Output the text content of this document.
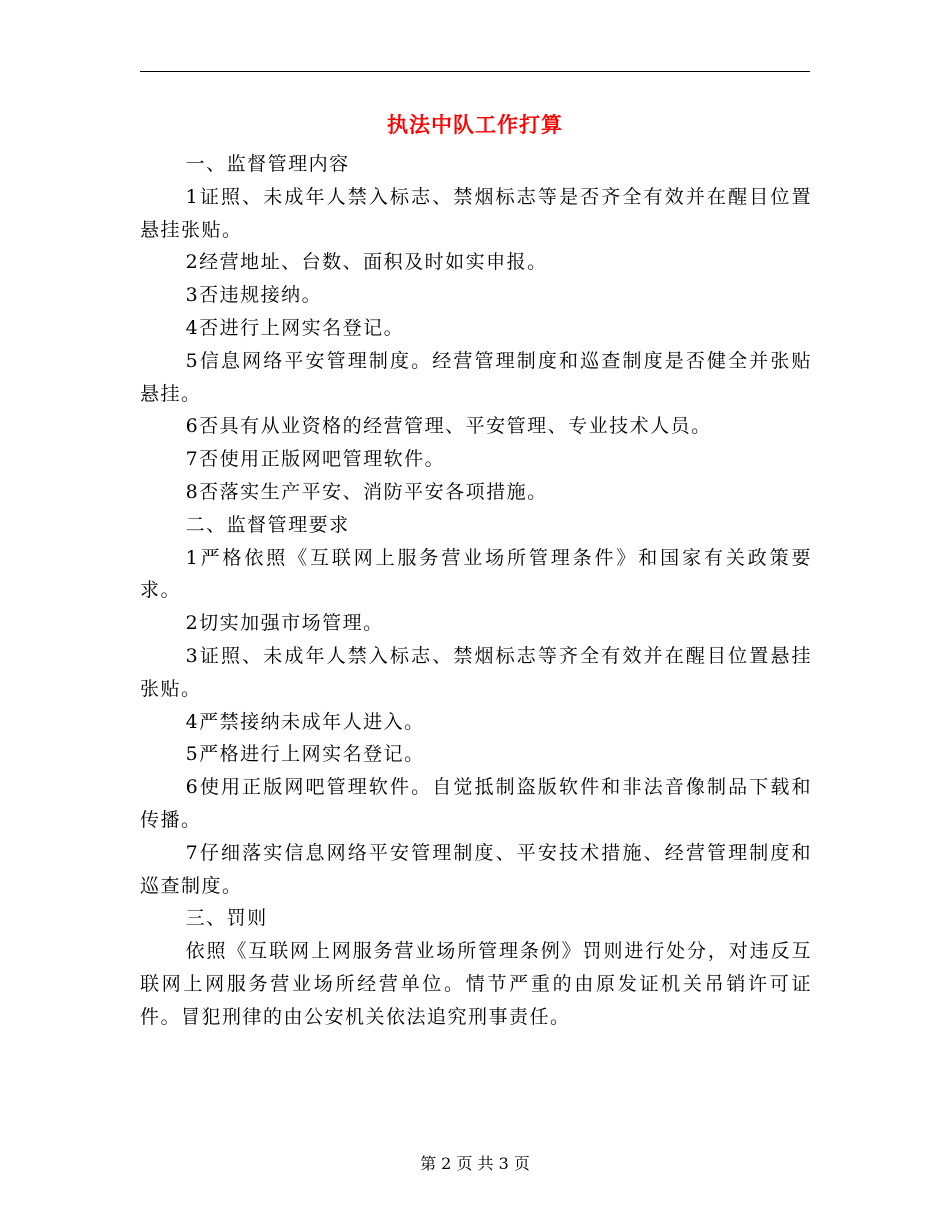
执法中队工作打算

一、监督管理内容

1证照、未成年人禁入标志、禁烟标志等是否齐全有效并在醒目位置悬挂张贴。

2经营地址、台数、面积及时如实申报。

3否违规接纳。

4否进行上网实名登记。

5信息网络平安管理制度。经营管理制度和巡查制度是否健全并张贴悬挂。

6否具有从业资格的经营管理、平安管理、专业技术人员。

7否使用正版网吧管理软件。

8否落实生产平安、消防平安各项措施。

二、监督管理要求

1严格依照《互联网上服务营业场所管理条件》和国家有关政策要求。

2切实加强市场管理。

3证照、未成年人禁入标志、禁烟标志等齐全有效并在醒目位置悬挂张贴。

4严禁接纳未成年人进入。

5严格进行上网实名登记。

6使用正版网吧管理软件。自觉抵制盗版软件和非法音像制品下载和传播。

7仔细落实信息网络平安管理制度、平安技术措施、经营管理制度和巡查制度。

三、罚则

依照《互联网上网服务营业场所管理条例》罚则进行处分，对违反互联网上网服务营业场所经营单位。情节严重的由原发证机关吊销许可证件。冒犯刑律的由公安机关依法追究刑事责任。

第 2 页 共 3 页
